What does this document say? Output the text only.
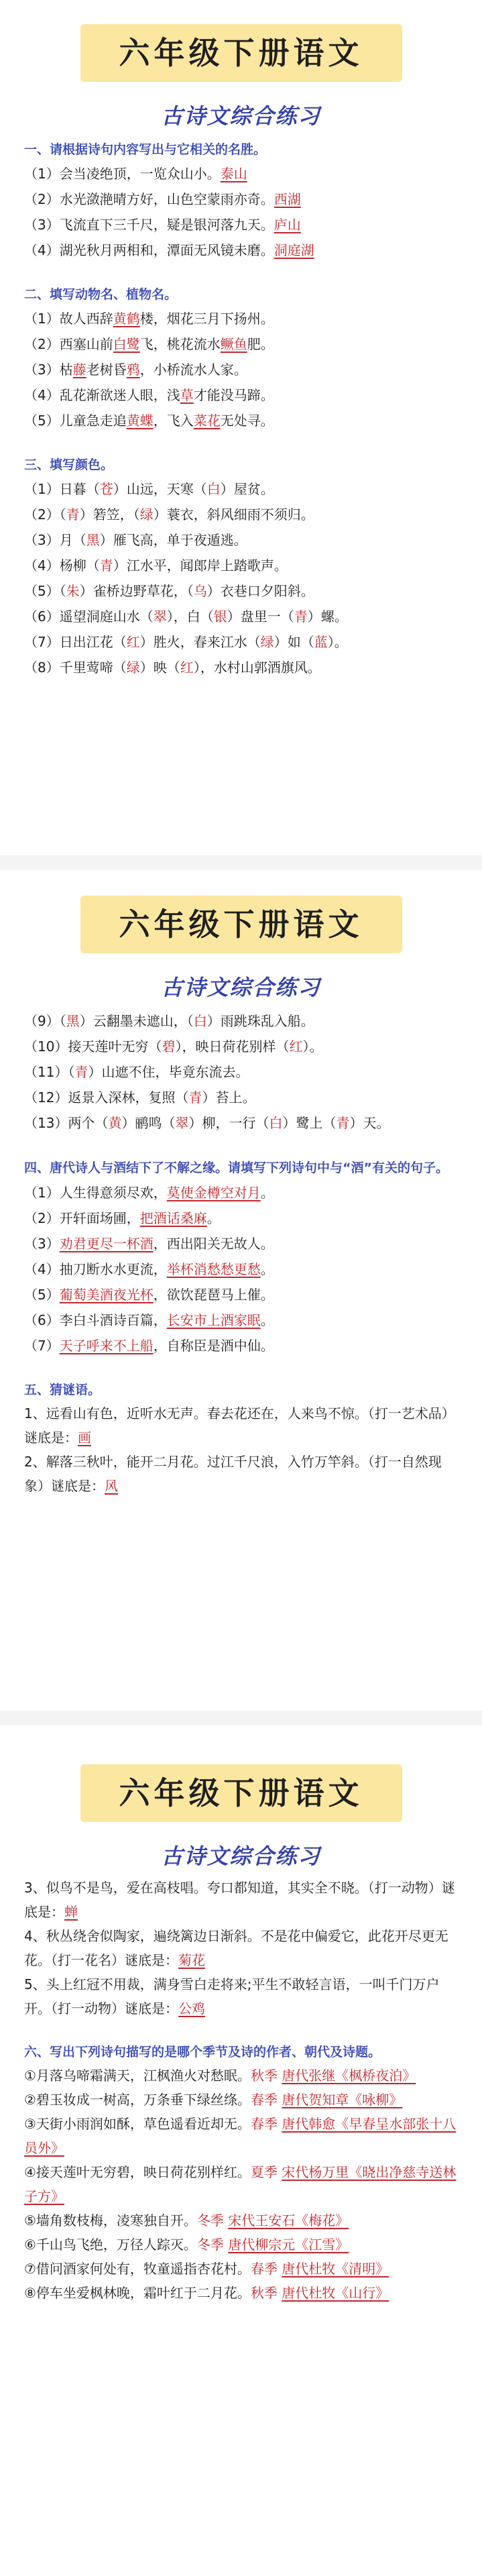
六年级下册语文
古诗文综合练习
一、请根据诗句内容写出与它相关的名胜。
（1）会当凌绝顶，一览众山小。泰山
（2）水光潋滟晴方好，山色空蒙雨亦奇。西湖
（3）飞流直下三千尺，疑是银河落九天。庐山
（4）湖光秋月两相和，潭面无风镜未磨。洞庭湖
二、填写动物名、植物名。
（1）故人西辞黄鹤楼，烟花三月下扬州。
（2）西塞山前白鹭飞，桃花流水鳜鱼肥。
（3）枯藤老树昏鸦，小桥流水人家。
（4）乱花渐欲迷人眼，浅草才能没马蹄。
（5）儿童急走追黄蝶，飞入菜花无处寻。
三、填写颜色。
（1）日暮（苍）山远，天寒（白）屋贫。
（2）（青）箬笠，（绿）蓑衣，斜风细雨不须归。
（3）月（黑）雁飞高，单于夜遁逃。
（4）杨柳（青）江水平，闻郎岸上踏歌声。
（5）（朱）雀桥边野草花，（乌）衣巷口夕阳斜。
（6）遥望洞庭山水（翠），白（银）盘里一（青）螺。
（7）日出江花（红）胜火，春来江水（绿）如（蓝）。
（8）千里莺啼（绿）映（红），水村山郭酒旗风。
六年级下册语文
古诗文综合练习
（9）（黑）云翻墨未遮山，（白）雨跳珠乱入船。
（10）接天莲叶无穷（碧），映日荷花别样（红）。
（11）（青）山遮不住，毕竟东流去。
（12）返景入深林，复照（青）苔上。
（13）两个（黄）鹂鸣（翠）柳，一行（白）鹭上（青）天。
四、唐代诗人与酒结下了不解之缘。请填写下列诗句中与“酒”有关的句子。
（1）人生得意须尽欢，莫使金樽空对月。
（2）开轩面场圃，把酒话桑麻。
（3）劝君更尽一杯酒，西出阳关无故人。
（4）抽刀断水水更流，举杯消愁愁更愁。
（5）葡萄美酒夜光杯，欲饮琵琶马上催。
（6）李白斗酒诗百篇，长安市上酒家眠。
（7）天子呼来不上船，自称臣是酒中仙。
五、猜谜语。
1、远看山有色，近听水无声。春去花还在，人来鸟不惊。（打一艺术品）谜底是：画
2、解落三秋叶，能开二月花。过江千尺浪，入竹万竿斜。（打一自然现象）谜底是：风
六年级下册语文
古诗文综合练习
3、似鸟不是鸟，爱在高枝唱。夸口都知道，其实全不晓。（打一动物）谜底是：蝉
4、秋丛绕舍似陶家，遍绕篱边日渐斜。不是花中偏爱它，此花开尽更无花。（打一花名）谜底是：菊花
5、头上红冠不用裁，满身雪白走将来;平生不敢轻言语，一叫千门万户开。（打一动物）谜底是：公鸡
六、写出下列诗句描写的是哪个季节及诗的作者、朝代及诗题。
①月落乌啼霜满天，江枫渔火对愁眠。秋季 唐代张继《枫桥夜泊》
②碧玉妆成一树高，万条垂下绿丝绦。春季 唐代贺知章《咏柳》
③天街小雨润如酥，草色遥看近却无。春季 唐代韩愈《早春呈水部张十八员外》
④接天莲叶无穷碧，映日荷花别样红。夏季 宋代杨万里《晓出净慈寺送林子方》
⑤墙角数枝梅，凌寒独自开。冬季 宋代王安石《梅花》
⑥千山鸟飞绝，万径人踪灭。冬季 唐代柳宗元《江雪》
⑦借问酒家何处有，牧童遥指杏花村。春季 唐代杜牧《清明》
⑧停车坐爱枫林晚，霜叶红于二月花。秋季 唐代杜牧《山行》
